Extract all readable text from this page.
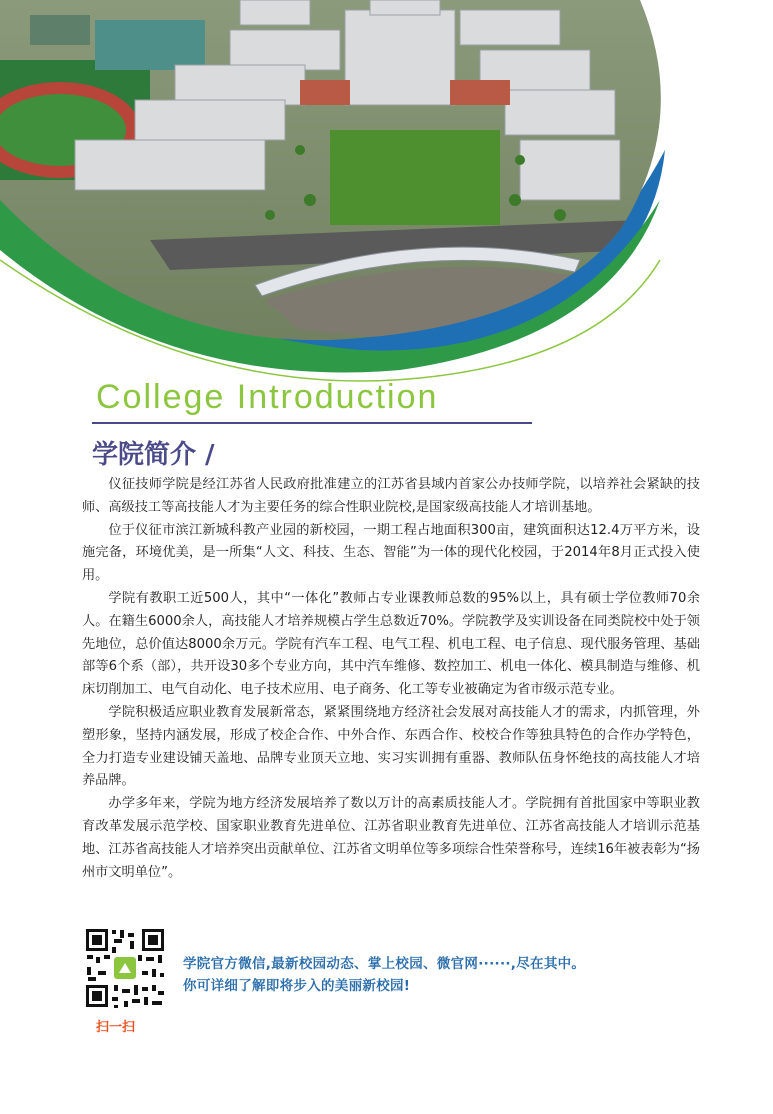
College Introduction
学院简介 /

仪征技师学院是经江苏省人民政府批准建立的江苏省县域内首家公办技师学院，以培养社会紧缺的技师、高级技工等高技能人才为主要任务的综合性职业院校,是国家级高技能人才培训基地。

位于仪征市滨江新城科教产业园的新校园，一期工程占地面积300亩，建筑面积达12.4万平方米，设施完备，环境优美，是一所集“人文、科技、生态、智能”为一体的现代化校园，于2014年8月正式投入使用。

学院有教职工近500人，其中“一体化”教师占专业课教师总数的95%以上，具有硕士学位教师70余人。在籍生6000余人，高技能人才培养规模占学生总数近70%。学院教学及实训设备在同类院校中处于领先地位，总价值达8000余万元。学院有汽车工程、电气工程、机电工程、电子信息、现代服务管理、基础部等6个系（部），共开设30多个专业方向，其中汽车维修、数控加工、机电一体化、模具制造与维修、机床切削加工、电气自动化、电子技术应用、电子商务、化工等专业被确定为省市级示范专业。

学院积极适应职业教育发展新常态，紧紧围绕地方经济社会发展对高技能人才的需求，内抓管理，外塑形象，坚持内涵发展，形成了校企合作、中外合作、东西合作、校校合作等独具特色的合作办学特色，全力打造专业建设铺天盖地、品牌专业顶天立地、实习实训拥有重器、教师队伍身怀绝技的高技能人才培养品牌。

办学多年来，学院为地方经济发展培养了数以万计的高素质技能人才。学院拥有首批国家中等职业教育改革发展示范学校、国家职业教育先进单位、江苏省职业教育先进单位、江苏省高技能人才培训示范基地、江苏省高技能人才培养突出贡献单位、江苏省文明单位等多项综合性荣誉称号，连续16年被表彰为“扬州市文明单位”。

扫一扫
学院官方微信,最新校园动态、掌上校园、微官网······,尽在其中。
你可详细了解即将步入的美丽新校园!
